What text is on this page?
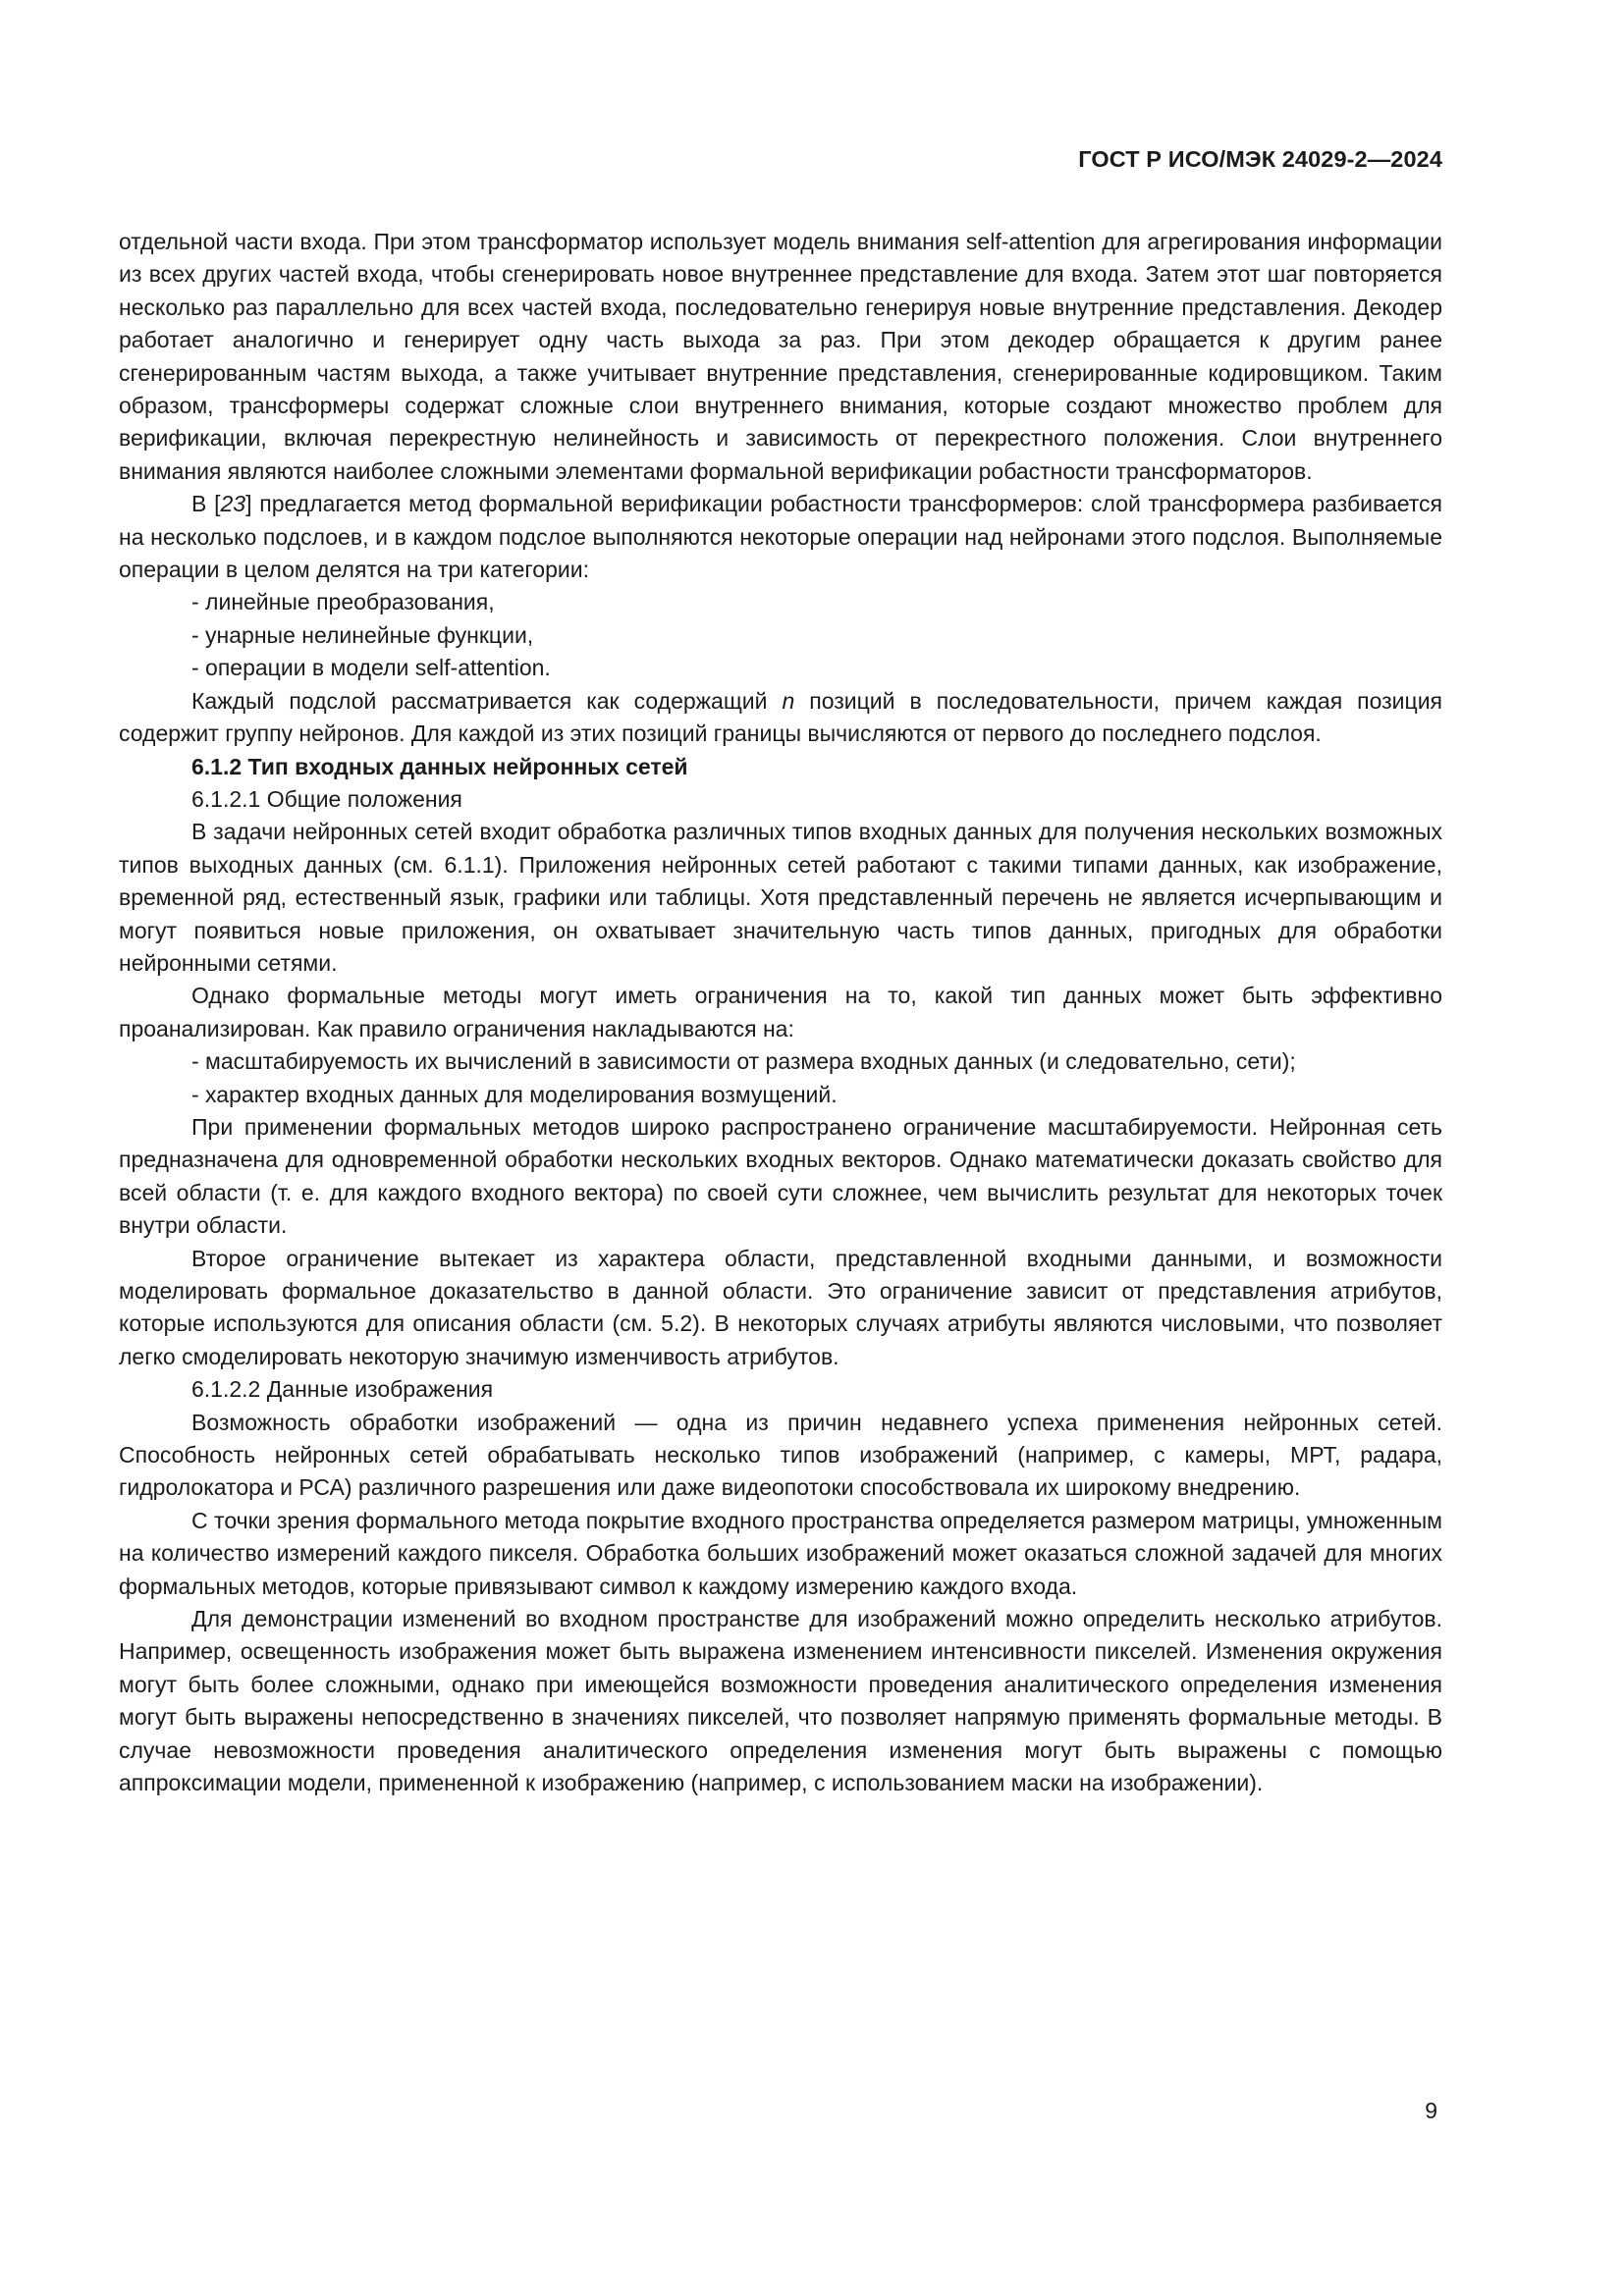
ГОСТ Р ИСО/МЭК 24029-2—2024
отдельной части входа. При этом трансформатор использует модель внимания self-attention для агрегирования информации из всех других частей входа, чтобы сгенерировать новое внутреннее представление для входа. Затем этот шаг повторяется несколько раз параллельно для всех частей входа, последовательно генерируя новые внутренние представления. Декодер работает аналогично и генерирует одну часть выхода за раз. При этом декодер обращается к другим ранее сгенерированным частям выхода, а также учитывает внутренние представления, сгенерированные кодировщиком. Таким образом, трансформеры содержат сложные слои внутреннего внимания, которые создают множество проблем для верификации, включая перекрестную нелинейность и зависимость от перекрестного положения. Слои внутреннего внимания являются наиболее сложными элементами формальной верификации робастности трансформаторов.
В [23] предлагается метод формальной верификации робастности трансформеров: слой трансформера разбивается на несколько подслоев, и в каждом подслое выполняются некоторые операции над нейронами этого подслоя. Выполняемые операции в целом делятся на три категории:
- линейные преобразования,
- унарные нелинейные функции,
- операции в модели self-attention.
Каждый подслой рассматривается как содержащий n позиций в последовательности, причем каждая позиция содержит группу нейронов. Для каждой из этих позиций границы вычисляются от первого до последнего подслоя.
6.1.2 Тип входных данных нейронных сетей
6.1.2.1 Общие положения
В задачи нейронных сетей входит обработка различных типов входных данных для получения нескольких возможных типов выходных данных (см. 6.1.1). Приложения нейронных сетей работают с такими типами данных, как изображение, временной ряд, естественный язык, графики или таблицы. Хотя представленный перечень не является исчерпывающим и могут появиться новые приложения, он охватывает значительную часть типов данных, пригодных для обработки нейронными сетями.
Однако формальные методы могут иметь ограничения на то, какой тип данных может быть эффективно проанализирован. Как правило ограничения накладываются на:
- масштабируемость их вычислений в зависимости от размера входных данных (и следовательно, сети);
- характер входных данных для моделирования возмущений.
При применении формальных методов широко распространено ограничение масштабируемости. Нейронная сеть предназначена для одновременной обработки нескольких входных векторов. Однако математически доказать свойство для всей области (т. е. для каждого входного вектора) по своей сути сложнее, чем вычислить результат для некоторых точек внутри области.
Второе ограничение вытекает из характера области, представленной входными данными, и возможности моделировать формальное доказательство в данной области. Это ограничение зависит от представления атрибутов, которые используются для описания области (см. 5.2). В некоторых случаях атрибуты являются числовыми, что позволяет легко смоделировать некоторую значимую изменчивость атрибутов.
6.1.2.2 Данные изображения
Возможность обработки изображений — одна из причин недавнего успеха применения нейронных сетей. Способность нейронных сетей обрабатывать несколько типов изображений (например, с камеры, МРТ, радара, гидролокатора и РСА) различного разрешения или даже видеопотоки способствовала их широкому внедрению.
С точки зрения формального метода покрытие входного пространства определяется размером матрицы, умноженным на количество измерений каждого пикселя. Обработка больших изображений может оказаться сложной задачей для многих формальных методов, которые привязывают символ к каждому измерению каждого входа.
Для демонстрации изменений во входном пространстве для изображений можно определить несколько атрибутов. Например, освещенность изображения может быть выражена изменением интенсивности пикселей. Изменения окружения могут быть более сложными, однако при имеющейся возможности проведения аналитического определения изменения могут быть выражены непосредственно в значениях пикселей, что позволяет напрямую применять формальные методы. В случае невозможности проведения аналитического определения изменения могут быть выражены с помощью аппроксимации модели, примененной к изображению (например, с использованием маски на изображении).
9
